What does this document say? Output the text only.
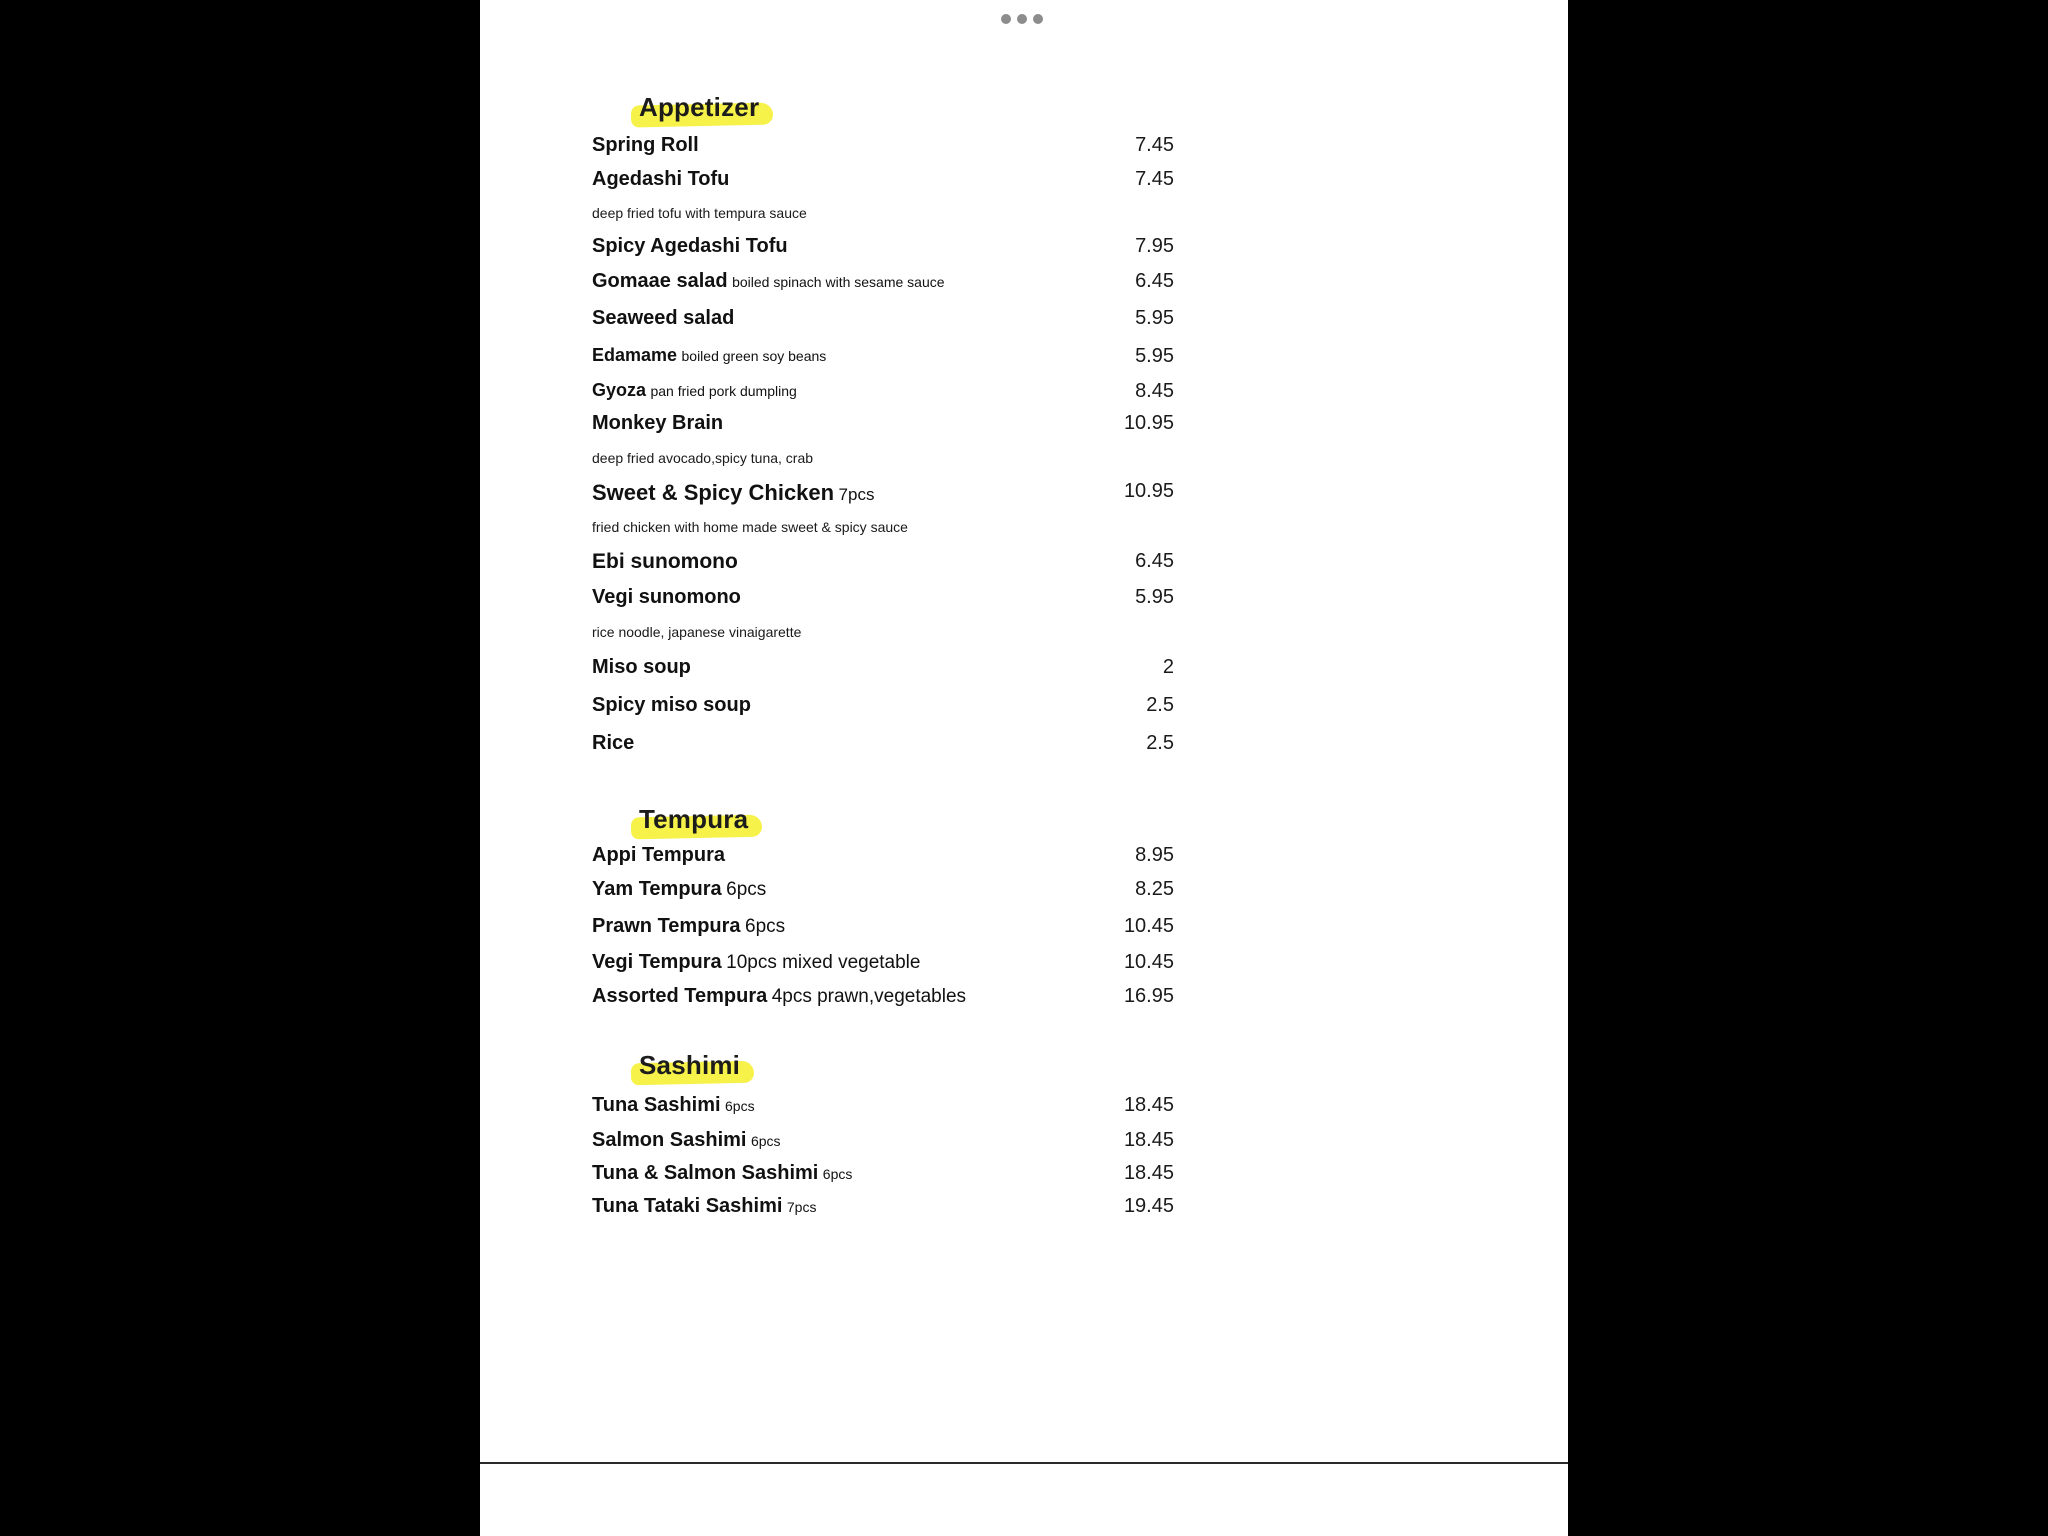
Appetizer
Spring Roll	7.45
Agedashi Tofu	7.45
deep fried tofu with tempura sauce
Spicy Agedashi Tofu	7.95
Gomaae salad boiled spinach with sesame sauce	6.45
Seaweed salad	5.95
Edamame boiled green soy beans	5.95
Gyoza pan fried pork dumpling	8.45
Monkey Brain	10.95
deep fried avocado,spicy tuna, crab
Sweet & Spicy Chicken 7pcs	10.95
fried chicken with home made sweet & spicy sauce
Ebi sunomono	6.45
Vegi sunomono	5.95
rice noodle, japanese vinaigarette
Miso soup	2
Spicy miso soup	2.5
Rice	2.5
Tempura
Appi Tempura	8.95
Yam Tempura 6pcs	8.25
Prawn Tempura 6pcs	10.45
Vegi Tempura 10pcs mixed vegetable	10.45
Assorted Tempura 4pcs prawn,vegetables	16.95
Sashimi
Tuna Sashimi 6pcs	18.45
Salmon Sashimi 6pcs	18.45
Tuna & Salmon Sashimi 6pcs	18.45
Tuna Tataki Sashimi 7pcs	19.45
